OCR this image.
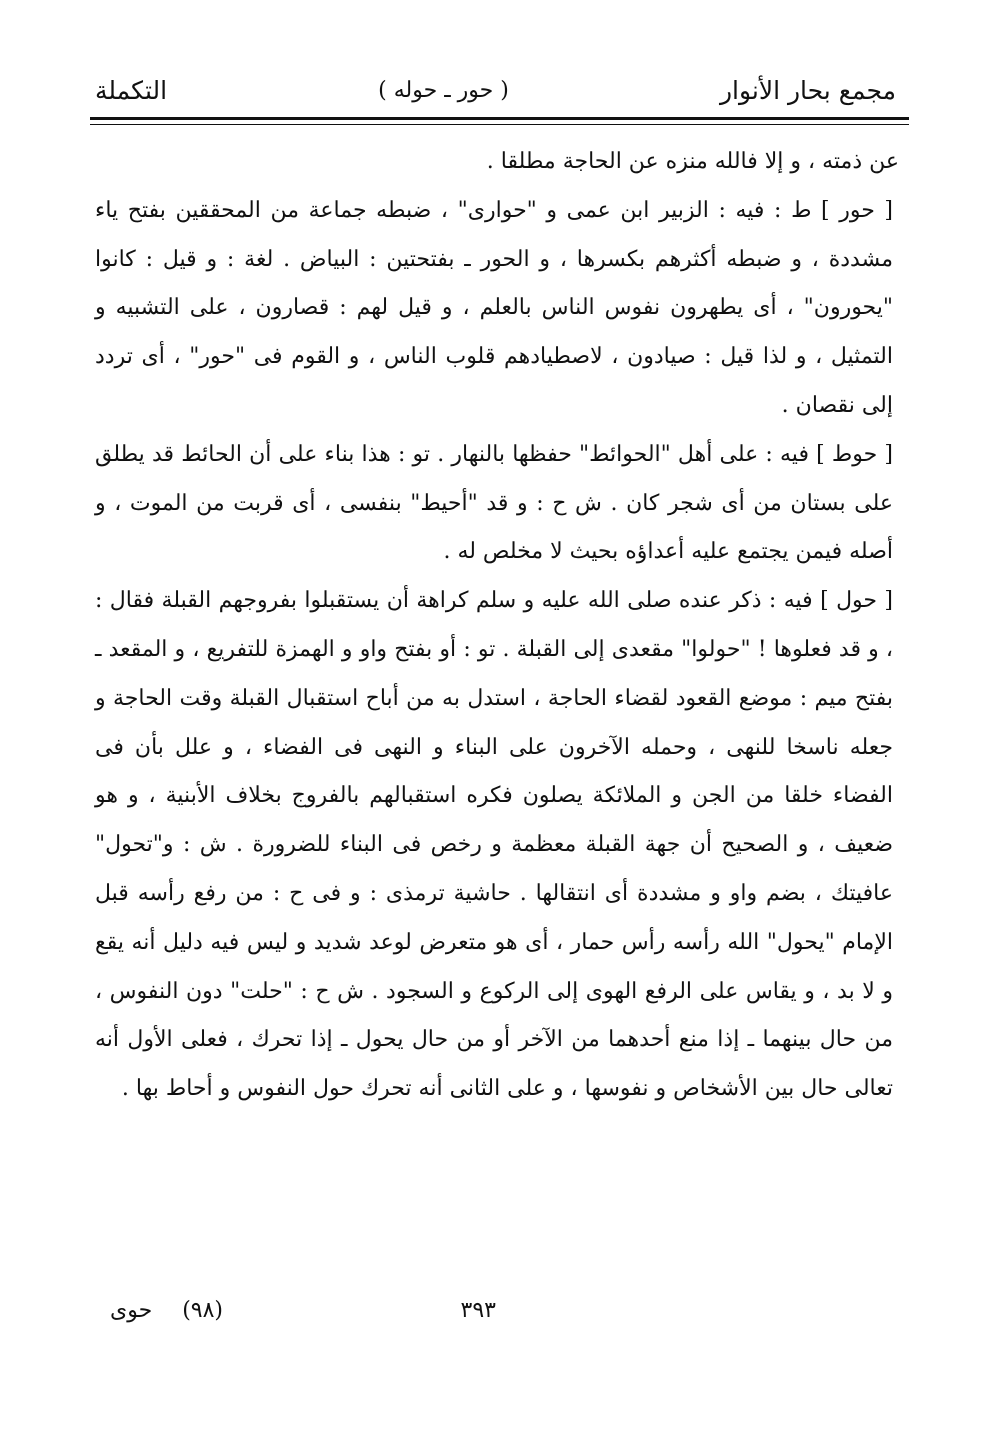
مجمع بحار الأنوار
( حور ـ حوله )
التكملة

عن ذمته ، و إلا فالله منزه عن الحاجة مطلقا .

[ حور ] ط : فيه : الزبير ابن عمى و "حوارى" ، ضبطه جماعة من المحققين بفتح ياء مشددة ، و ضبطه أكثرهم بكسرها ، و الحور ـ بفتحتين : البياض . لغة : و قيل : كانوا "يحورون" ، أى يطهرون نفوس الناس بالعلم ، و قيل لهم : قصارون ، على التشبيه و التمثيل ، و لذا قيل : صيادون ، لاصطيادهم قلوب الناس ، و القوم فى "حور" ، أى تردد إلى نقصان .

[ حوط ] فيه : على أهل "الحوائط" حفظها بالنهار . تو : هذا بناء على أن الحائط قد يطلق على بستان من أى شجر كان . ش ح : و قد "أحيط" بنفسى ، أى قربت من الموت ، و أصله فيمن يجتمع عليه أعداؤه بحيث لا مخلص له .

[ حول ] فيه : ذكر عنده صلى الله عليه و سلم كراهة أن يستقبلوا بفروجهم القبلة فقال : ، و قد فعلوها ! "حولوا" مقعدى إلى القبلة . تو : أو بفتح واو و الهمزة للتفريع ، و المقعد ـ بفتح ميم : موضع القعود لقضاء الحاجة ، استدل به من أباح استقبال القبلة وقت الحاجة و جعله ناسخا للنهى ، وحمله الآخرون على البناء و النهى فى الفضاء ، و علل بأن فى الفضاء خلقا من الجن و الملائكة يصلون فكره استقبالهم بالفروج بخلاف الأبنية ، و هو ضعيف ، و الصحيح أن جهة القبلة معظمة و رخص فى البناء للضرورة . ش : و"تحول" عافيتك ، بضم واو و مشددة أى انتقالها . حاشية ترمذى : و فى ح : من رفع رأسه قبل الإمام "يحول" الله رأسه رأس حمار ، أى هو متعرض لوعد شديد و ليس فيه دليل أنه يقع و لا بد ، و يقاس على الرفع الهوى إلى الركوع و السجود . ش ح : "حلت" دون النفوس ، من حال بينهما ـ إذا منع أحدهما من الآخر أو من حال يحول ـ إذا تحرك ، فعلى الأول أنه تعالى حال بين الأشخاص و نفوسها ، و على الثانى أنه تحرك حول النفوس و أحاط بها .

٣٩٣
(٩٨)
حوى
